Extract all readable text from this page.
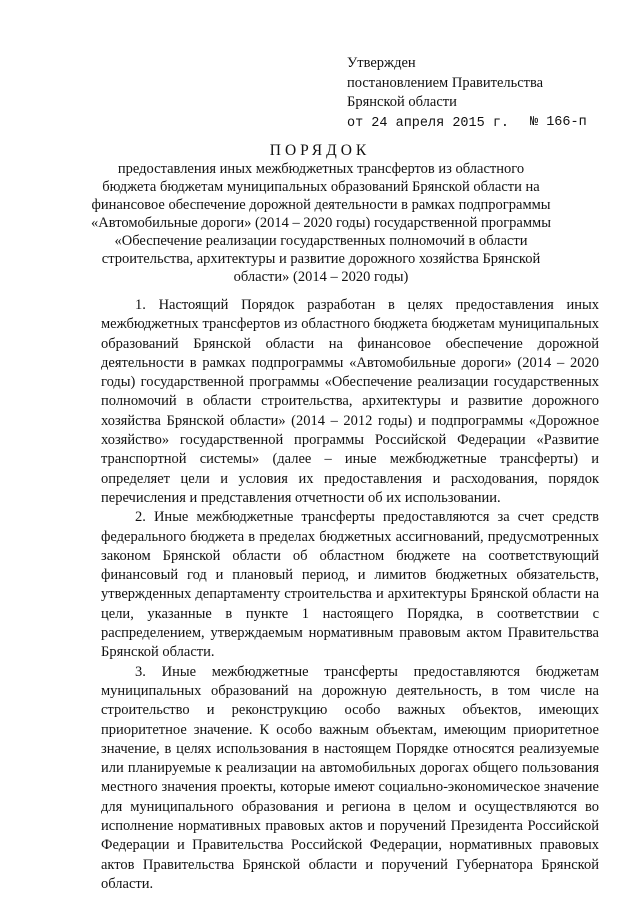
Утвержден
постановлением Правительства
Брянской области
от 24 апреля 2015 г. № 166-п
ПОРЯДОК
предоставления иных межбюджетных трансфертов из областного бюджета бюджетам муниципальных образований Брянской области на финансовое обеспечение дорожной деятельности в рамках подпрограммы «Автомобильные дороги» (2014 – 2020 годы) государственной программы «Обеспечение реализации государственных полномочий в области строительства, архитектуры и развитие дорожного хозяйства Брянской области» (2014 – 2020 годы)

1. Настоящий Порядок разработан в целях предоставления иных межбюджетных трансфертов из областного бюджета бюджетам муниципальных образований Брянской области на финансовое обеспечение дорожной деятельности в рамках подпрограммы «Автомобильные дороги» (2014 – 2020 годы) государственной программы «Обеспечение реализации государственных полномочий в области строительства, архитектуры и развитие дорожного хозяйства Брянской области» (2014 – 2012 годы) и подпрограммы «Дорожное хозяйство» государственной программы Российской Федерации «Развитие транспортной системы» (далее – иные межбюджетные трансферты) и определяет цели и условия их предоставления и расходования, порядок перечисления и представления отчетности об их использовании.

2. Иные межбюджетные трансферты предоставляются за счет средств федерального бюджета в пределах бюджетных ассигнований, предусмотренных законом Брянской области об областном бюджете на соответствующий финансовый год и плановый период, и лимитов бюджетных обязательств, утвержденных департаменту строительства и архитектуры Брянской области на цели, указанные в пункте 1 настоящего Порядка, в соответствии с распределением, утверждаемым нормативным правовым актом Правительства Брянской области.

3. Иные межбюджетные трансферты предоставляются бюджетам муниципальных образований на дорожную деятельность, в том числе на строительство и реконструкцию особо важных объектов, имеющих приоритетное значение. К особо важным объектам, имеющим приоритетное значение, в целях использования в настоящем Порядке относятся реализуемые или планируемые к реализации на автомобильных дорогах общего пользования местного значения проекты, которые имеют социально-экономическое значение для муниципального образования и региона в целом и осуществляются во исполнение нормативных правовых актов и поручений Президента Российской Федерации и Правительства Российской Федерации, нормативных правовых актов Правительства Брянской области и поручений Губернатора Брянской области.
